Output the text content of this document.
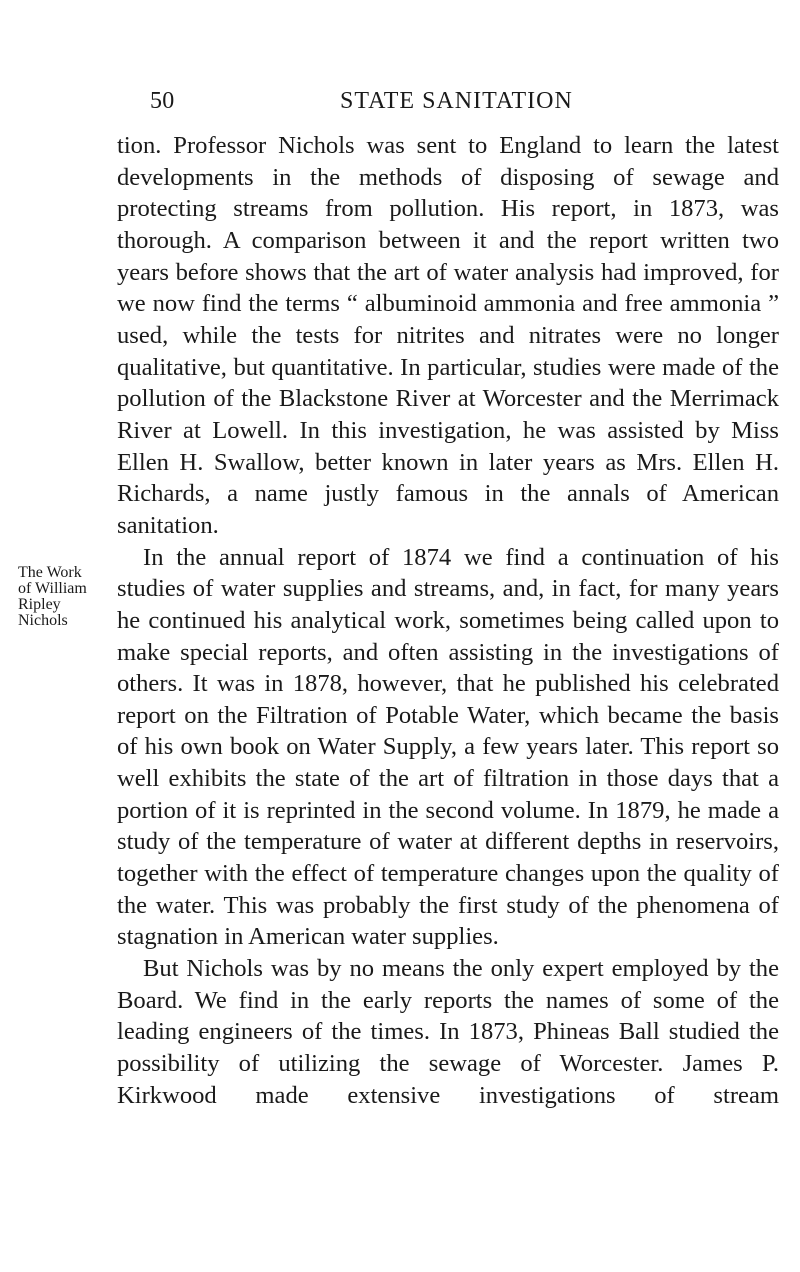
50	STATE SANITATION
The Work
of William
Ripley
Nichols

tion. Professor Nichols was sent to England to learn the latest developments in the methods of disposing of sewage and protecting streams from pollution. His report, in 1873, was thorough. A comparison between it and the report written two years before shows that the art of water analysis had improved, for we now find the terms “ albuminoid ammonia and free ammonia ” used, while the tests for nitrites and nitrates were no longer qualitative, but quantitative. In particular, studies were made of the pollution of the Blackstone River at Worcester and the Merrimack River at Lowell. In this investigation, he was assisted by Miss Ellen H. Swallow, better known in later years as Mrs. Ellen H. Richards, a name justly famous in the annals of American sanitation.

In the annual report of 1874 we find a continuation of his studies of water supplies and streams, and, in fact, for many years he continued his analytical work, sometimes being called upon to make special reports, and often assisting in the investigations of others. It was in 1878, however, that he published his celebrated report on the Filtration of Potable Water, which became the basis of his own book on Water Supply, a few years later. This report so well exhibits the state of the art of filtration in those days that a portion of it is reprinted in the second volume. In 1879, he made a study of the temperature of water at different depths in reservoirs, together with the effect of temperature changes upon the quality of the water. This was probably the first study of the phenomena of stagnation in American water supplies.

But Nichols was by no means the only expert employed by the Board. We find in the early reports the names of some of the leading engineers of the times. In 1873, Phineas Ball studied the possibility of utilizing the sewage of Worcester. James P. Kirkwood made extensive investigations of stream
